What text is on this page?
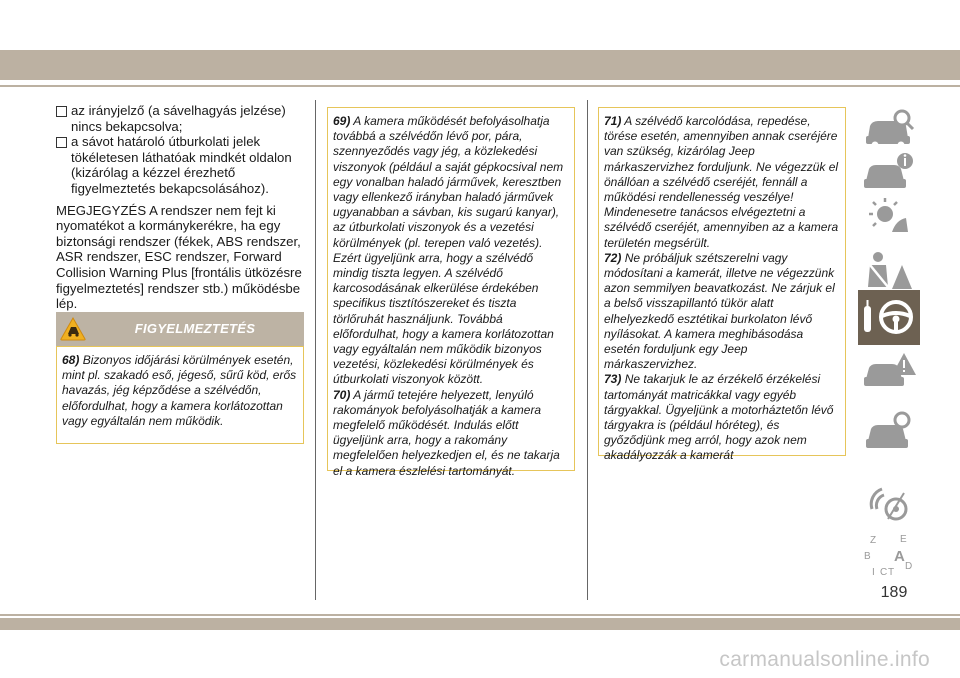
az irányjelző (a sávelhagyás jelzése) nincs bekapcsolva;
a sávot határoló útburkolati jelek tökéletesen láthatóak mindkét oldalon (kizárólag a kézzel érezhető figyelmeztetés bekapcsolásához).
MEGJEGYZÉS A rendszer nem fejt ki nyomatékot a kormánykerékre, ha egy biztonsági rendszer (fékek, ABS rendszer, ASR rendszer, ESC rendszer, Forward Collision Warning Plus [frontális ütközésre figyelmeztetés] rendszer stb.) működésbe lép.
FIGYELMEZTETÉS
68) Bizonyos időjárási körülmények esetén, mint pl. szakadó eső, jégeső, sűrű köd, erős havazás, jég képződése a szélvédőn, előfordulhat, hogy a kamera korlátozottan vagy egyáltalán nem működik.
69) A kamera működését befolyásolhatja továbbá a szélvédőn lévő por, pára, szennyeződés vagy jég, a közlekedési viszonyok (például a saját gépkocsival nem egy vonalban haladó járművek, keresztben vagy ellenkező irányban haladó járművek ugyanabban a sávban, kis sugarú kanyar), az útburkolati viszonyok és a vezetési körülmények (pl. terepen való vezetés). Ezért ügyeljünk arra, hogy a szélvédő mindig tiszta legyen. A szélvédő karcosodásának elkerülése érdekében specifikus tisztítószereket és tiszta törlőruhát használjunk. Továbbá előfordulhat, hogy a kamera korlátozottan vagy egyáltalán nem működik bizonyos vezetési, közlekedési körülmények és útburkolati viszonyok között.
70) A jármű tetejére helyezett, lenyúló rakományok befolyásolhatják a kamera megfelelő működését. Indulás előtt ügyeljünk arra, hogy a rakomány megfelelően helyezkedjen el, és ne takarja el a kamera észlelési tartományát.
71) A szélvédő karcolódása, repedése, törése esetén, amennyiben annak cseréjére van szükség, kizárólag Jeep márkaszervizhez forduljunk. Ne végezzük el önállóan a szélvédő cseréjét, fennáll a működési rendellenesség veszélye! Mindenesetre tanácsos elvégeztetni a szélvédő cseréjét, amennyiben az a kamera területén megsérült.
72) Ne próbáljuk szétszerelni vagy módosítani a kamerát, illetve ne végezzünk azon semmilyen beavatkozást. Ne zárjuk el a belső visszapillantó tükör alatt elhelyezkedő esztétikai burkolaton lévő nyílásokat. A kamera meghibásodása esetén forduljunk egy Jeep márkaszervizhez.
73) Ne takarjuk le az érzékelő érzékelési tartományát matricákkal vagy egyéb tárgyakkal. Ügyeljünk a motorháztetőn lévő tárgyakra is (például hóréteg), és győződjünk meg arról, hogy azok nem akadályozzák a kamerát
Z E
B A
I C T
D
189
carmanualsonline.info
